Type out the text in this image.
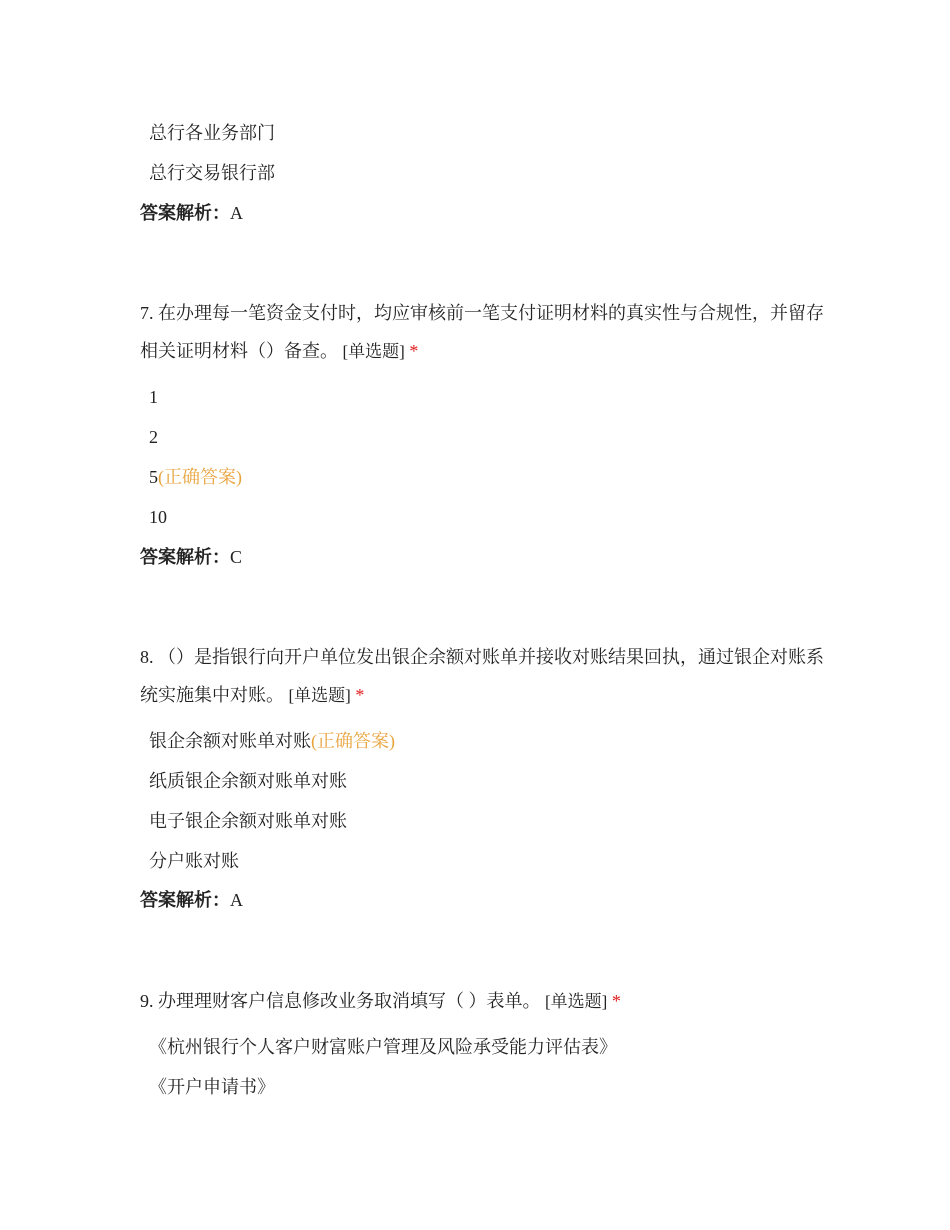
总行各业务部门
总行交易银行部
答案解析：A
7. 在办理每一笔资金支付时，均应审核前一笔支付证明材料的真实性与合规性，并留存相关证明材料（）备查。 [单选题] *
1
2
5(正确答案)
10
答案解析：C
8. （）是指银行向开户单位发出银企余额对账单并接收对账结果回执，通过银企对账系统实施集中对账。 [单选题] *
银企余额对账单对账(正确答案)
纸质银企余额对账单对账
电子银企余额对账单对账
分户账对账
答案解析：A
9. 办理理财客户信息修改业务取消填写（ ）表单。 [单选题] *
《杭州银行个人客户财富账户管理及风险承受能力评估表》
《开户申请书》
